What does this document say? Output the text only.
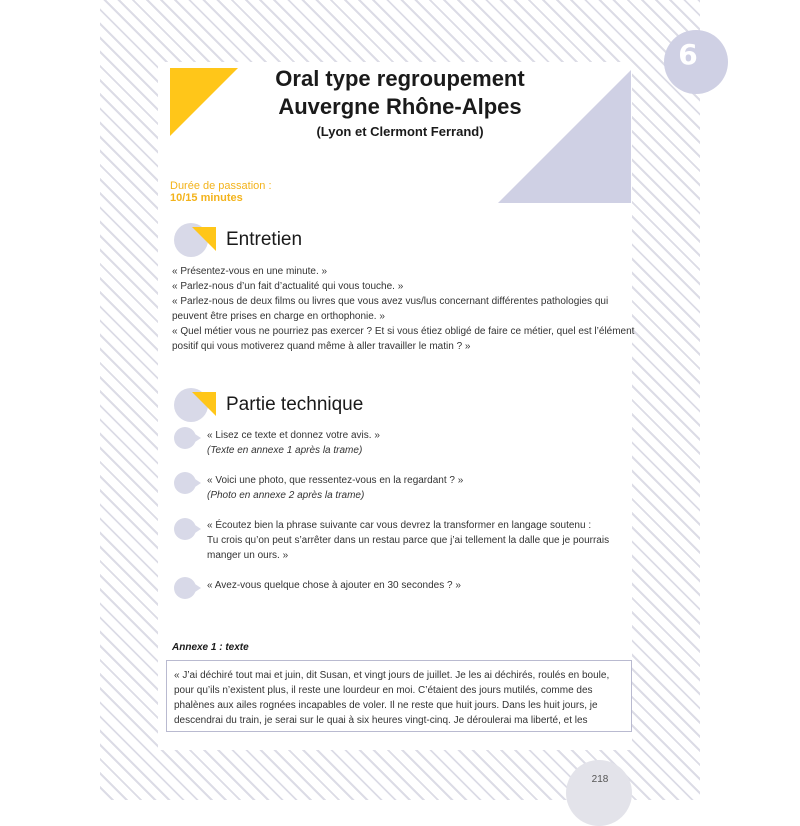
6
Oral type regroupement
Auvergne Rhône-Alpes
(Lyon et Clermont Ferrand)
Durée de passation :
10/15 minutes
Entretien
« Présentez-vous en une minute. »
« Parlez-nous d’un fait d’actualité qui vous touche. »
« Parlez-nous de deux films ou livres que vous avez vus/lus concernant différentes pathologies qui
peuvent être prises en charge en orthophonie. »
« Quel métier vous ne pourriez pas exercer ? Et si vous étiez obligé de faire ce métier, quel est l’élément
positif qui vous motiverez quand même à aller travailler le matin ? »
Partie technique
« Lisez ce texte et donnez votre avis. »
(Texte en annexe 1 après la trame)
« Voici une photo, que ressentez-vous en la regardant ? »
(Photo en annexe 2 après la trame)
« Écoutez bien la phrase suivante car vous devrez la transformer en langage soutenu :
Tu crois qu’on peut s’arrêter dans un restau parce que j’ai tellement la dalle que je pourrais
manger un ours. »
« Avez-vous quelque chose à ajouter en 30 secondes ? »
Annexe 1 : texte
« J’ai déchiré tout mai et juin, dit Susan, et vingt jours de juillet. Je les ai déchirés, roulés en boule,
pour qu’ils n’existent plus, il reste une lourdeur en moi. C’étaient des jours mutilés, comme des
phalènes aux ailes rognées incapables de voler. Il ne reste que huit jours. Dans les huit jours, je
descendrai du train, je serai sur le quai à six heures vingt-cinq. Je déroulerai ma liberté, et les
218
